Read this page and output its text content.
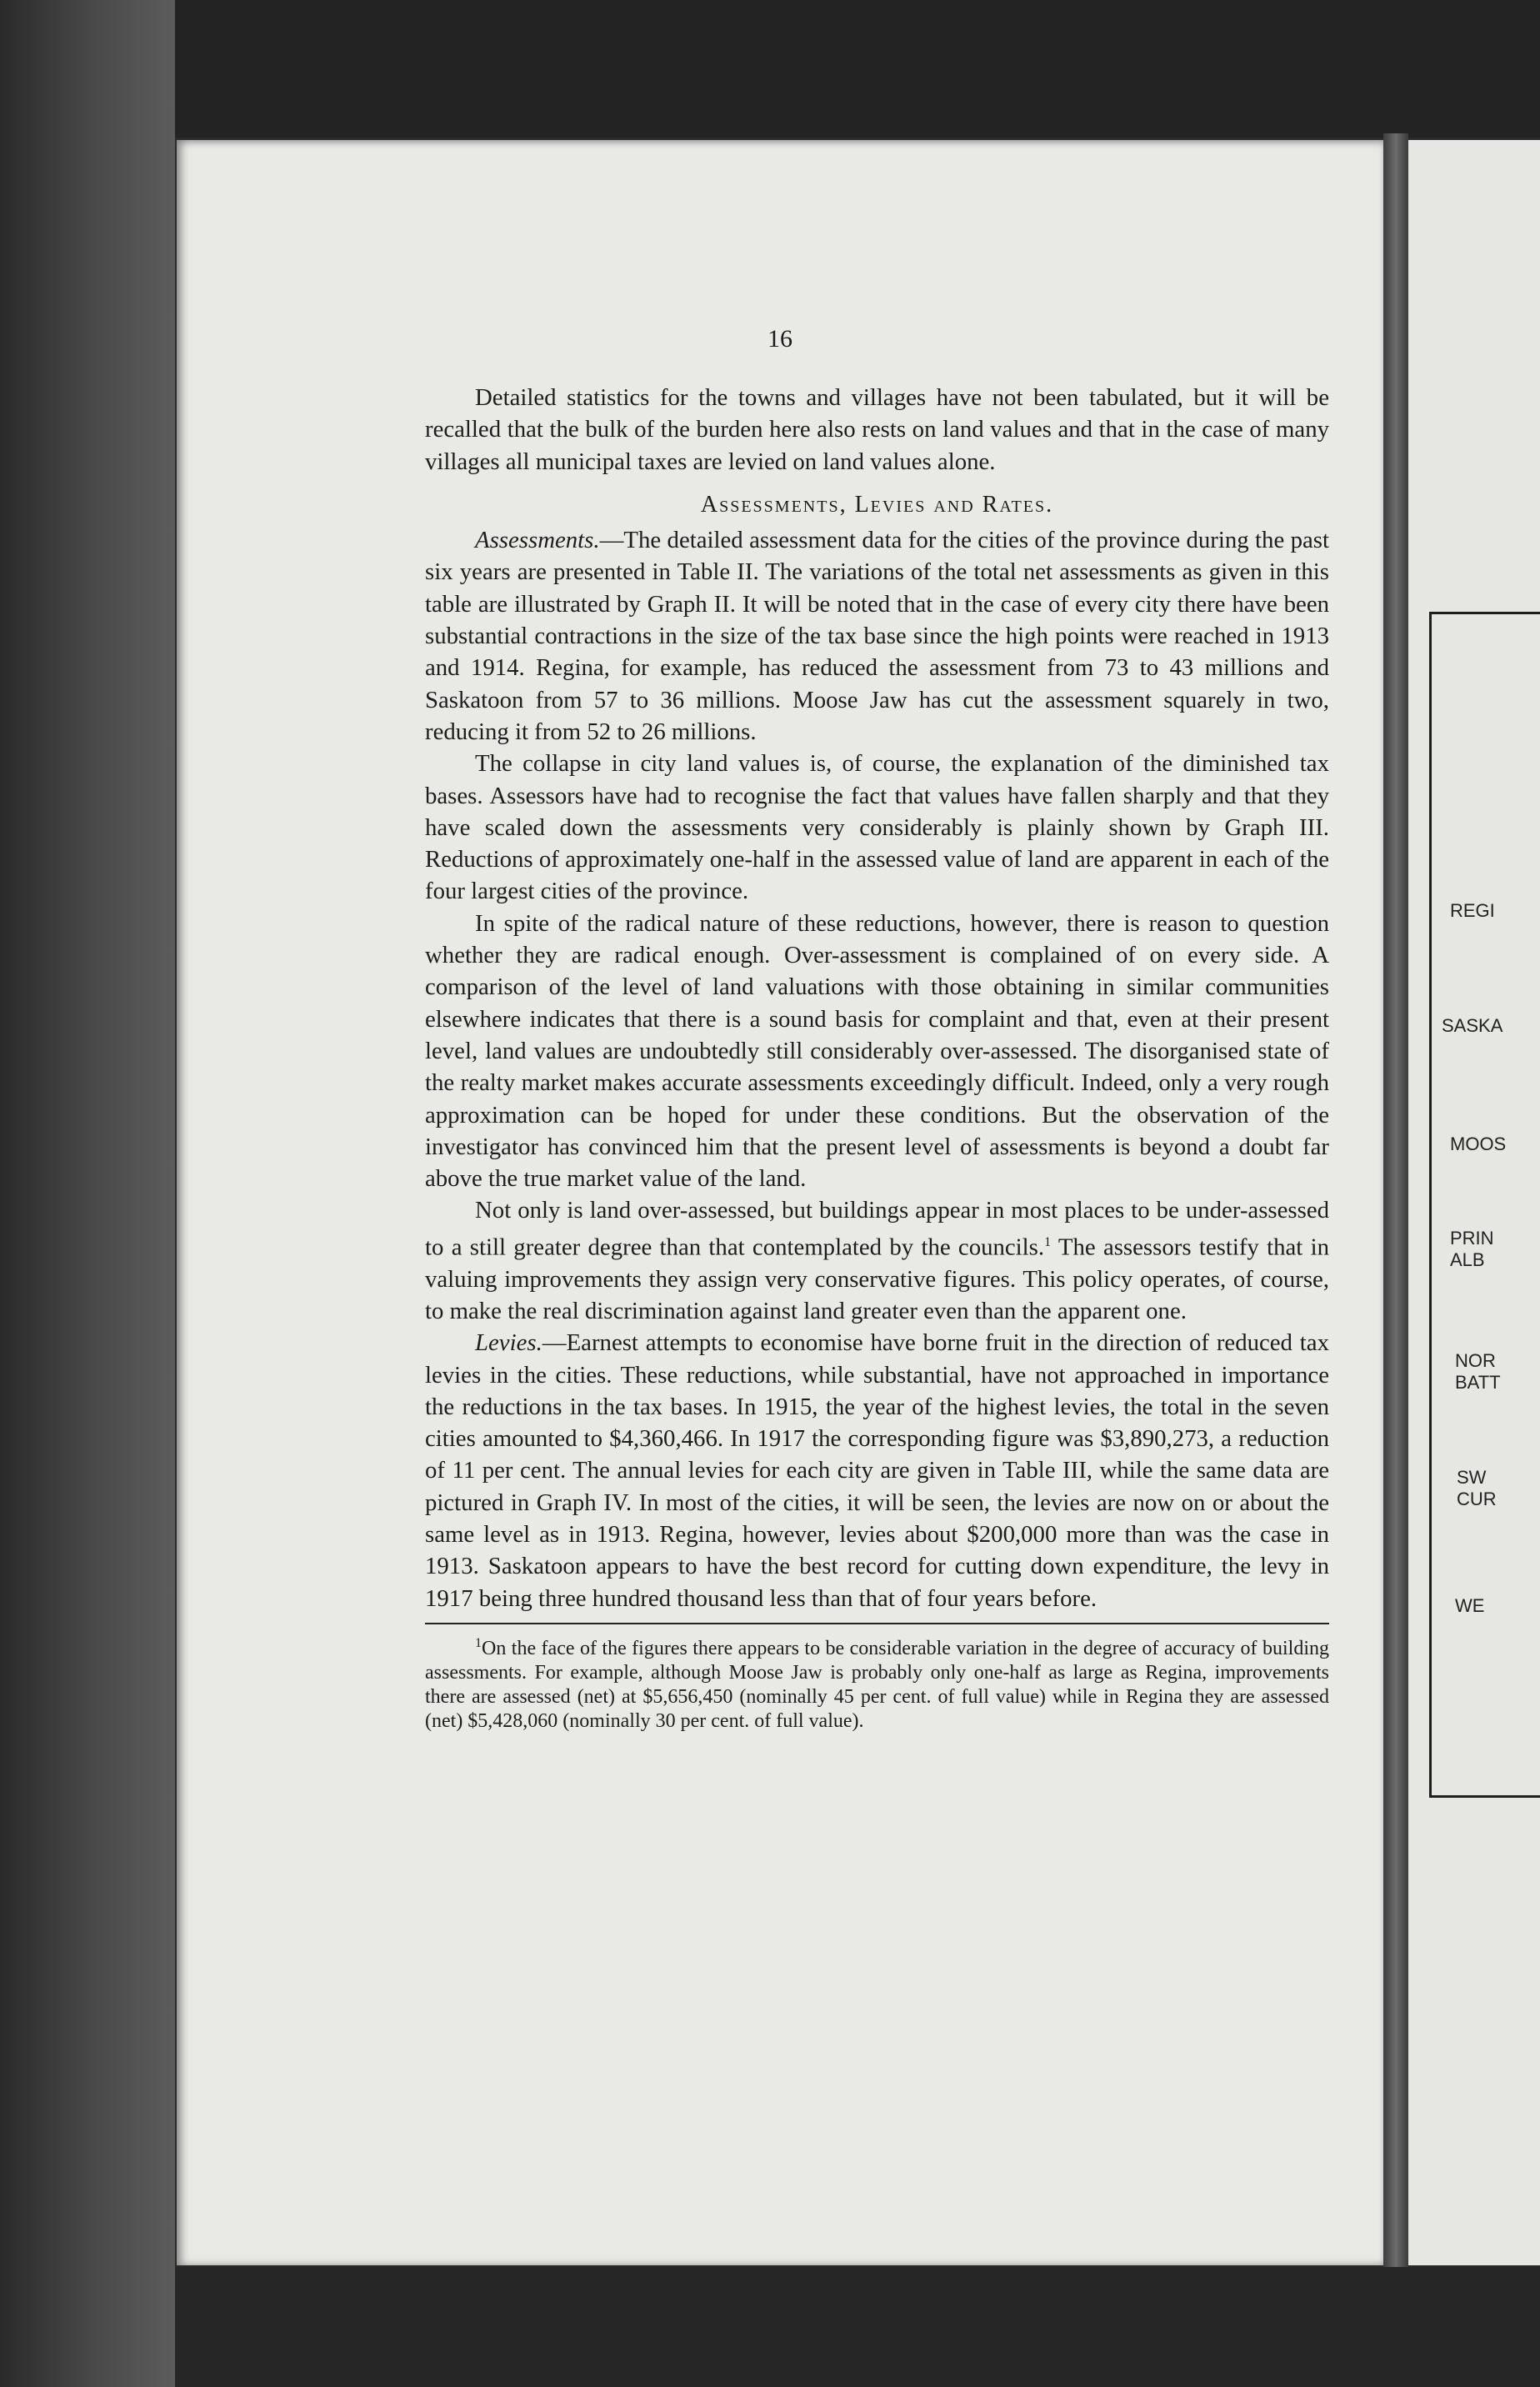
16

Detailed statistics for the towns and villages have not been tabulated, but it will be recalled that the bulk of the burden here also rests on land values and that in the case of many villages all municipal taxes are levied on land values alone.

Assessments, Levies and Rates.

Assessments.—The detailed assessment data for the cities of the province during the past six years are presented in Table II. The variations of the total net assessments as given in this table are illustrated by Graph II. It will be noted that in the case of every city there have been substantial contractions in the size of the tax base since the high points were reached in 1913 and 1914. Regina, for example, has reduced the assessment from 73 to 43 millions and Saskatoon from 57 to 36 millions. Moose Jaw has cut the assessment squarely in two, reducing it from 52 to 26 millions.

The collapse in city land values is, of course, the explanation of the diminished tax bases. Assessors have had to recognise the fact that values have fallen sharply and that they have scaled down the assessments very considerably is plainly shown by Graph III. Reductions of approximately one-half in the assessed value of land are apparent in each of the four largest cities of the province.

In spite of the radical nature of these reductions, however, there is reason to question whether they are radical enough. Over-assessment is complained of on every side. A comparison of the level of land valuations with those obtaining in similar communities elsewhere indicates that there is a sound basis for complaint and that, even at their present level, land values are undoubtedly still considerably over-assessed. The disorganised state of the realty market makes accurate assessments exceedingly difficult. Indeed, only a very rough approximation can be hoped for under these conditions. But the observation of the investigator has convinced him that the present level of assessments is beyond a doubt far above the true market value of the land.

Not only is land over-assessed, but buildings appear in most places to be under-assessed to a still greater degree than that contemplated by the councils.$^1$ The assessors testify that in valuing improvements they assign very conservative figures. This policy operates, of course, to make the real discrimination against land greater even than the apparent one.

Levies.—Earnest attempts to economise have borne fruit in the direction of reduced tax levies in the cities. These reductions, while substantial, have not approached in importance the reductions in the tax bases. In 1915, the year of the highest levies, the total in the seven cities amounted to $4,360,466. In 1917 the corresponding figure was $3,890,273, a reduction of 11 per cent. The annual levies for each city are given in Table III, while the same data are pictured in Graph IV. In most of the cities, it will be seen, the levies are now on or about the same level as in 1913. Regina, however, levies about $200,000 more than was the case in 1913. Saskatoon appears to have the best record for cutting down expenditure, the levy in 1917 being three hundred thousand less than that of four years before.

$^1$On the face of the figures there appears to be considerable variation in the degree of accuracy of building assessments. For example, although Moose Jaw is probably only one-half as large as Regina, improvements there are assessed (net) at $5,656,450 (nominally 45 per cent. of full value) while in Regina they are assessed (net) $5,428,060 (nominally 30 per cent. of full value).

REGI
SASKA
MOOS
PRIN
ALB
NOR
BATT
SW
CUR
WE
